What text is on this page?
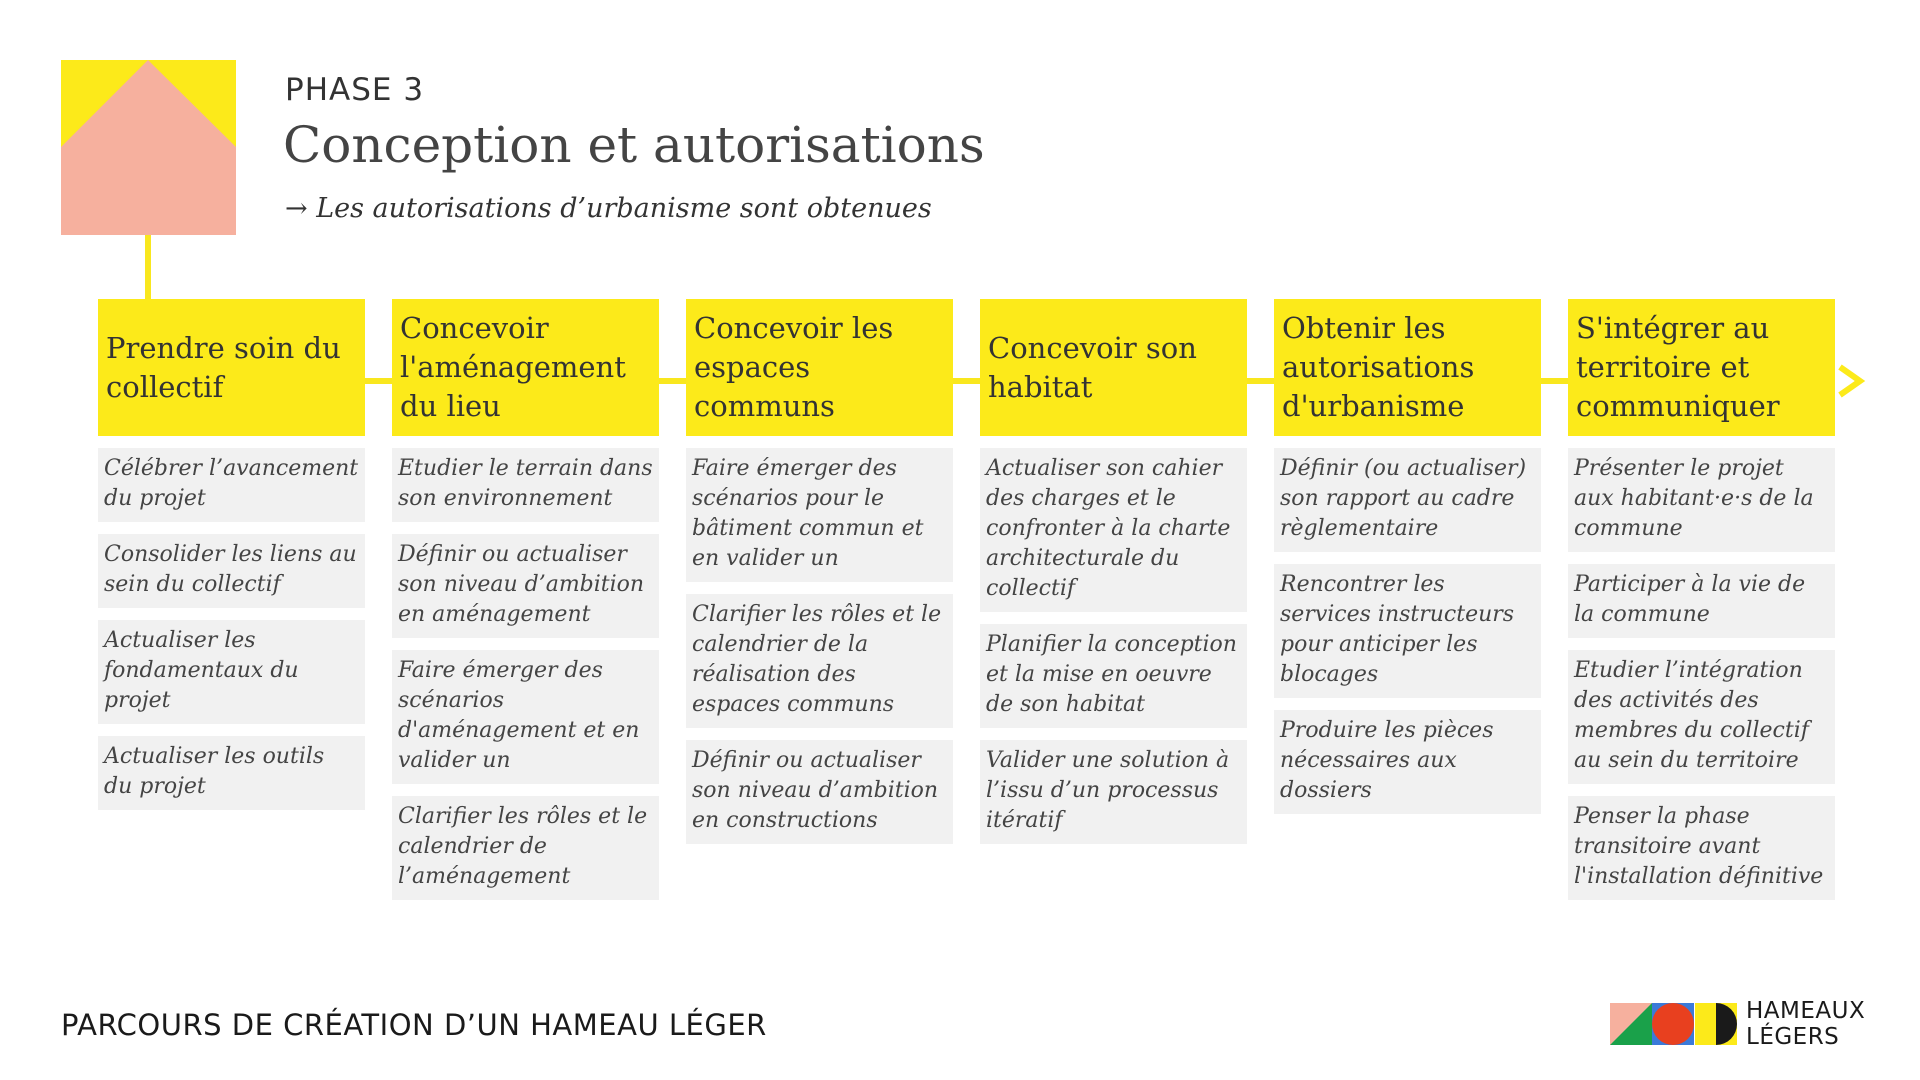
PHASE 3
Conception et autorisations
→ Les autorisations d’urbanisme sont obtenues
Prendre soin du collectif
Célébrer l’avancement du projet
Consolider les liens au sein du collectif
Actualiser les fondamentaux du projet
Actualiser les outils du projet
Concevoir l'aménagement du lieu
Etudier le terrain dans son environnement
Définir ou actualiser son niveau d’ambition en aménagement
Faire émerger des scénarios d'aménagement et en valider un
Clarifier les rôles et le calendrier de l’aménagement
Concevoir les espaces communs
Faire émerger des scénarios pour le bâtiment commun et en valider un
Clarifier les rôles et le calendrier de la réalisation des espaces communs
Définir ou actualiser son niveau d’ambition en constructions
Concevoir son habitat
Actualiser son cahier des charges et le confronter à la charte architecturale du collectif
Planifier la conception et la mise en oeuvre de son habitat
Valider une solution à l’issu d’un processus itératif
Obtenir les autorisations d'urbanisme
Définir (ou actualiser) son rapport au cadre règlementaire
Rencontrer les services instructeurs pour anticiper les blocages
Produire les pièces nécessaires aux dossiers
S'intégrer au territoire et communiquer
Présenter le projet aux habitant·e·s de la commune
Participer à la vie de la commune
Etudier l’intégration des activités des membres du collectif au sein du territoire
Penser la phase transitoire avant l'installation définitive
PARCOURS DE CRÉATION D’UN HAMEAU LÉGER	HAMEAUX
LÉGERS
